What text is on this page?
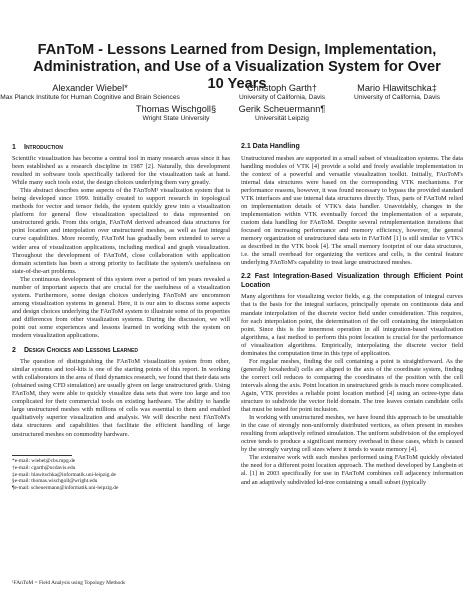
FAnToM - Lessons Learned from Design, Implementation, Administration, and Use of a Visualization System for Over 10 Years
Alexander Wiebel*
Max Planck Institute for Human Cognitive and Brain Sciences
Christoph Garth†
University of California, Davis
Mario Hlawitschka‡
University of California, Davis
Thomas Wischgoll§
Wright State University
Gerik Scheuermann¶
Universität Leipzig
1 Introduction

Scientific visualization has become a central tool in many research areas since it has been established as a research discipline in 1987 [2]. Naturally, this development resulted in software tools specifically tailored for the visualization task at hand. While many such tools exist, the design choices underlying them vary greatly.

This abstract describes some aspects of the FAnToM¹ visualization system that is being developed since 1999. Initially created to support research in topological methods for vector and tensor fields, the system quickly grew into a visualization platform for general flow visualization specialized to data represented on unstructured grids. From this origin, FAnToM derived advanced data structures for point location and interpolation over unstructured meshes, as well as fast integral curve capabilities. More recently, FAnToM has gradually been extended to serve a wider area of visualization applications, including medical and graph visualization. Throughout the development of FAnToM, close collaboration with application domain scientists has been a strong priority to facilitate the system's usefulness on state-of-the-art problems.

The continuous development of this system over a period of ten years revealed a number of important aspects that are crucial for the usefulness of a visualization system. Furthermore, some design choices underlying FAnToM are uncommon among visualization systems in general. Here, it is our aim to discuss some aspects and design choices underlying the FAnToM system to illustrate some of its properties and differences from other visualization systems. During the discussion, we will point out some experiences and lessons learned in working with the system on modern visualization applications.

2 Design Choices and Lessons Learned

The question of distinguishing the FAnToM visualization system from other, similar systems and tool-kits is one of the starting points of this report. In working with collaborators in the area of fluid dynamics research, we found that their data sets (obtained using CFD simulation) are usually given on large unstructured grids. Using FAnToM, they were able to quickly visualize data sets that were too large and too complicated for their commercial tools on existing hardware. The ability to handle large unstructured meshes with millions of cells was essential to them and enabled qualitatively superior visualization and analysis. We will describe next FAnToM's data structures and capabilities that facilitate the efficient handling of large unstructured meshes on commodity hardware.

*e-mail: wiebel@cbs.mpg.de
†e-mail: cgarth@ucdavis.edu
‡e-mail: hlawitschka@informatik.uni-leipzig.de
§e-mail: thomas.wischgoll@wright.edu
¶e-mail: scheuermann@informatik.uni-leipzig.de
¹FAnToM = Field Analysis using Topology Methods
2.1 Data Handling

Unstructured meshes are supported in a small subset of visualization systems. The data handling modules of VTK [4] provide a solid and freely available implementation in the context of a powerful and versatile visualization toolkit. Initially, FAnToM's internal data structures were based on the corresponding VTK mechanisms. For performance reasons, however, it was found necessary to bypass the provided standard VTK interfaces and use internal data structures directly. Thus, parts of FAnToM relied on implementation details of VTK's data handler. Unavoidably, changes in the implementation within VTK eventually forced the implementation of a separate, custom data handling for FAnToM. Despite several reimplementation iterations that focused on increasing performance and memory efficiency, however, the general memory organization of unstructured data sets in FAnToM [1] is still similar to VTK's as described in the VTK book [4]. The small memory footprint of our data structures, i.e. the small overhead for organizing the vertices and cells, is the central feature underlying FAnToM's capability to treat large unstructured meshes.

2.2 Fast Integration-Based Visualization through Efficient Point Location

Many algorithms for visualizing vector fields, e.g. the computation of integral curves that is the basis for the integral surfaces, principally operate on continuous data and mandate interpolation of the discrete vector field under consideration. This requires, for each interpolation point, the determination of the cell containing the interpolation point. Since this is the innermost operation in all integration-based visualization algorithms, a fast method to perform this point location is crucial for the performance of visualization algorithms. Empirically, interpolating the discrete vector field dominates the computation time in this type of application.

For regular meshes, finding the cell containing a point is straightforward. As the (generally hexahedral) cells are aligned to the axis of the coordinate system, finding the correct cell reduces to comparing the coordinates of the position with the cell intervals along the axis. Point location in unstructured grids is much more complicated. Again, VTK provides a reliable point location method [4] using an octree-type data structure to subdivide the vector field domain. The tree leaves contain candidate cells that must be tested for point inclusion.

In working with unstructured meshes, we have found this approach to be unsuitable in the case of strongly non-uniformly distributed vertices, as often present in meshes resulting from adaptively refined simulation. The uniform subdivision of the employed octree tends to produce a significant memory overhead in these cases, which is caused by the strongly varying cell sizes where it tends to waste memory [4].

The extensive work with such meshes performed using FAnToM quickly obviated the need for a different point location approach. The method developed by Langbein et al. [1] in 2003 specifically for use in FAnToM combines cell adjacency information and an adaptively subdivided kd-tree containing a small subset (typically
